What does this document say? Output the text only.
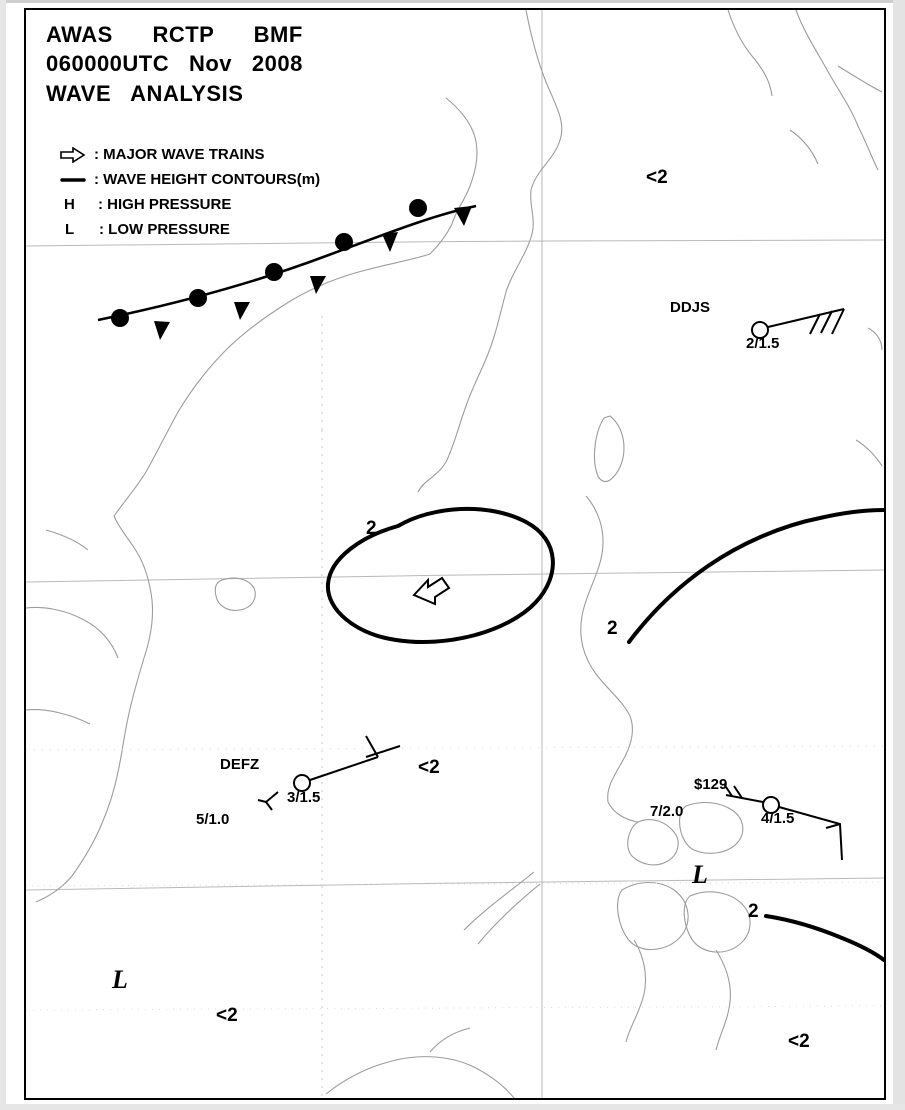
AWAS      RCTP      BMF
060000UTC   Nov   2008
WAVE   ANALYSIS
: MAJOR WAVE TRAINS
: WAVE HEIGHT CONTOURS(m)
H	: HIGH PRESSURE
L	: LOW PRESSURE
2
2
2
<2
<2
<2
<2
L
L
DDJS
2/1.5
DEFZ
3/1.5
5/1.0
$129
4/1.5
7/2.0
